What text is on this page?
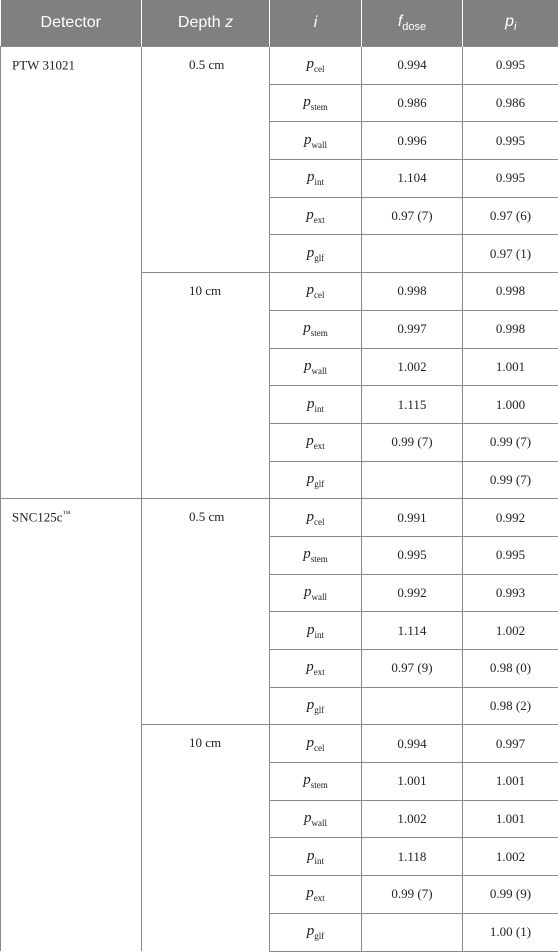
Detector	Depth z	i	$f_{dose}$	$p_i$
PTW 31021	0.5 cm	$p_{cel}$	0.994	0.995
		$p_{stem}$	0.986	0.986
		$p_{wall}$	0.996	0.995
		$p_{int}$	1.104	0.995
		$p_{ext}$	0.97 (7)	0.97 (6)
		$p_{glf}$		0.97 (1)
	10 cm	$p_{cel}$	0.998	0.998
		$p_{stem}$	0.997	0.998
		$p_{wall}$	1.002	1.001
		$p_{int}$	1.115	1.000
		$p_{ext}$	0.99 (7)	0.99 (7)
		$p_{glf}$		0.99 (7)
SNC125c™	0.5 cm	$p_{cel}$	0.991	0.992
		$p_{stem}$	0.995	0.995
		$p_{wall}$	0.992	0.993
		$p_{int}$	1.114	1.002
		$p_{ext}$	0.97 (9)	0.98 (0)
		$p_{glf}$		0.98 (2)
	10 cm	$p_{cel}$	0.994	0.997
		$p_{stem}$	1.001	1.001
		$p_{wall}$	1.002	1.001
		$p_{int}$	1.118	1.002
		$p_{ext}$	0.99 (7)	0.99 (9)
		$p_{glf}$		1.00 (1)
